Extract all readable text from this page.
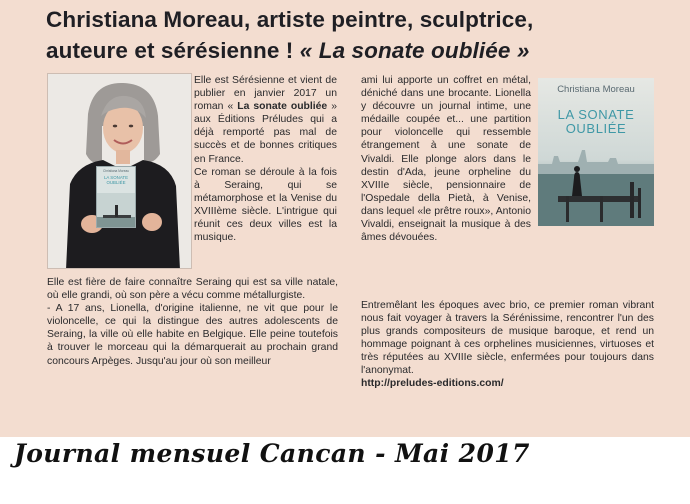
Christiana Moreau, artiste peintre, sculptrice,
auteure et sérésienne ! « La sonate oubliée »
Christiana Moreau
LA SONATE OUBLIÉE

Elle est Sérésienne et vient de publier en janvier 2017 un roman « La sonate oubliée » aux Éditions Préludes qui a déjà remporté pas mal de succès et de bonnes critiques en France.

Ce roman se déroule à la fois à Seraing, qui se métamorphose et la Venise du XVIIIème siècle. L'intrigue qui réunit ces deux villes est la musique.

Elle est fière de faire connaître Seraing qui est sa ville natale, où elle grandi, où son père a vécu comme métallurgiste.

- A 17 ans, Lionella, d'origine italienne, ne vit que pour le violoncelle, ce qui la distingue des autres adolescents de Seraing, la ville où elle habite en Belgique. Elle peine toutefois à trouver le morceau qui la démarquerait au prochain grand concours Arpèges. Jusqu'au jour où son meilleur

ami lui apporte un coffret en métal, déniché dans une brocante. Lionella y découvre un journal intime, une médaille coupée et... une partition pour violoncelle qui ressemble étrangement à une sonate de Vivaldi. Elle plonge alors dans le destin d'Ada, jeune orpheline du XVIIIe siècle, pensionnaire de l'Ospedale della Pietà, à Venise, dans lequel «le prêtre roux», Antonio Vivaldi, enseignait la musique à des âmes dévouées.

Christiana Moreau
LA SONATE
OUBLIÉE

Entremêlant les époques avec brio, ce premier roman vibrant nous fait voyager à travers la Sérénissime, rencontrer l'un des plus grands compositeurs de musique baroque, et rend un hommage poignant à ces orphelines musiciennes, virtuoses et très réputées au XVIIIe siècle, enfermées pour toujours dans l'anonymat.

http://preludes-editions.com/
Journal mensuel Cancan - Mai 2017
